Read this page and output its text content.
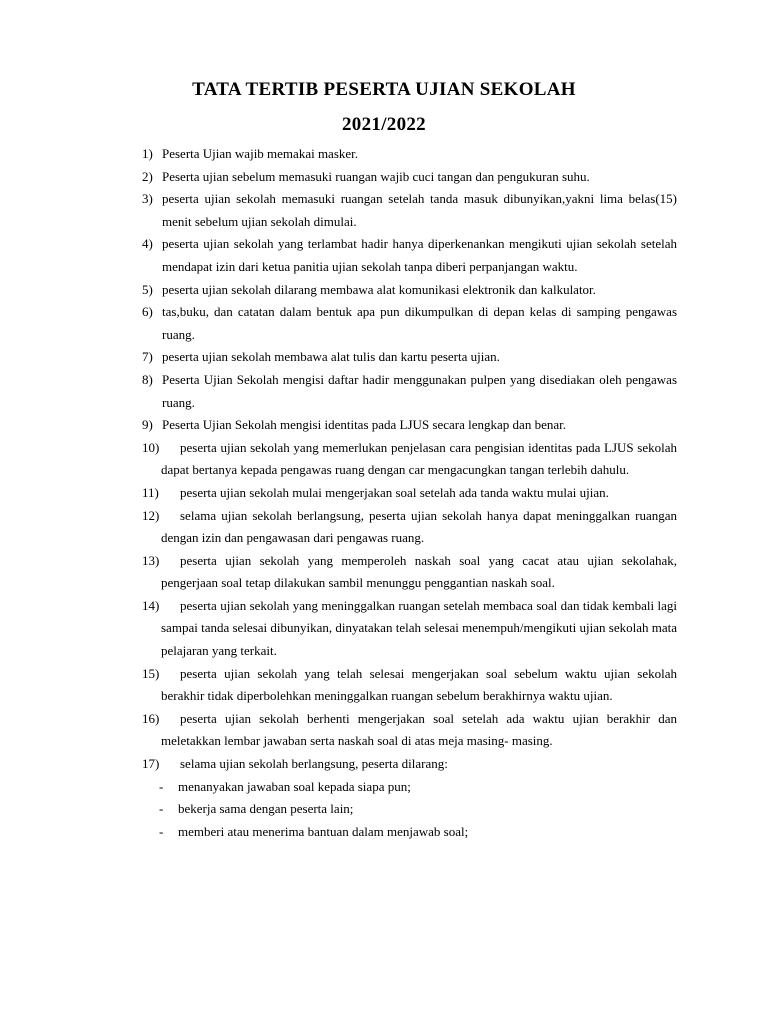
TATA TERTIB PESERTA UJIAN SEKOLAH
2021/2022
1) Peserta Ujian wajib memakai masker.
2) Peserta ujian sebelum memasuki ruangan wajib cuci tangan dan pengukuran suhu.
3) peserta ujian sekolah memasuki ruangan setelah tanda masuk dibunyikan,yakni lima belas(15) menit sebelum ujian sekolah dimulai.
4) peserta ujian sekolah yang terlambat hadir hanya diperkenankan mengikuti ujian sekolah setelah mendapat izin dari ketua panitia ujian sekolah tanpa diberi perpanjangan waktu.
5) peserta ujian sekolah dilarang membawa alat komunikasi elektronik dan kalkulator.
6) tas,buku, dan catatan dalam bentuk apa pun dikumpulkan di depan kelas di samping pengawas ruang.
7) peserta ujian sekolah membawa alat tulis dan kartu peserta ujian.
8) Peserta Ujian Sekolah mengisi daftar hadir menggunakan pulpen yang disediakan oleh pengawas ruang.
9) Peserta Ujian Sekolah mengisi identitas pada LJUS secara lengkap dan benar.
10) peserta ujian sekolah yang memerlukan penjelasan cara pengisian identitas pada LJUS sekolah dapat bertanya kepada pengawas ruang dengan car mengacungkan tangan terlebih dahulu.
11) peserta ujian sekolah mulai mengerjakan soal setelah ada tanda waktu mulai ujian.
12) selama ujian sekolah berlangsung, peserta ujian sekolah hanya dapat meninggalkan ruangan dengan izin dan pengawasan dari pengawas ruang.
13) peserta ujian sekolah yang memperoleh naskah soal yang cacat atau ujian sekolahak, pengerjaan soal tetap dilakukan sambil menunggu penggantian naskah soal.
14) peserta ujian sekolah yang meninggalkan ruangan setelah membaca soal dan tidak kembali lagi sampai tanda selesai dibunyikan, dinyatakan telah selesai menempuh/mengikuti ujian sekolah mata pelajaran yang terkait.
15) peserta ujian sekolah yang telah selesai mengerjakan soal sebelum waktu ujian sekolah berakhir tidak diperbolehkan meninggalkan ruangan sebelum berakhirnya waktu ujian.
16) peserta ujian sekolah berhenti mengerjakan soal setelah ada waktu ujian berakhir dan meletakkan lembar jawaban serta naskah soal di atas meja masing- masing.
17) selama ujian sekolah berlangsung, peserta dilarang:
-	menanyakan jawaban soal kepada siapa pun;
-	bekerja sama dengan peserta lain;
-	memberi atau menerima bantuan dalam menjawab soal;
